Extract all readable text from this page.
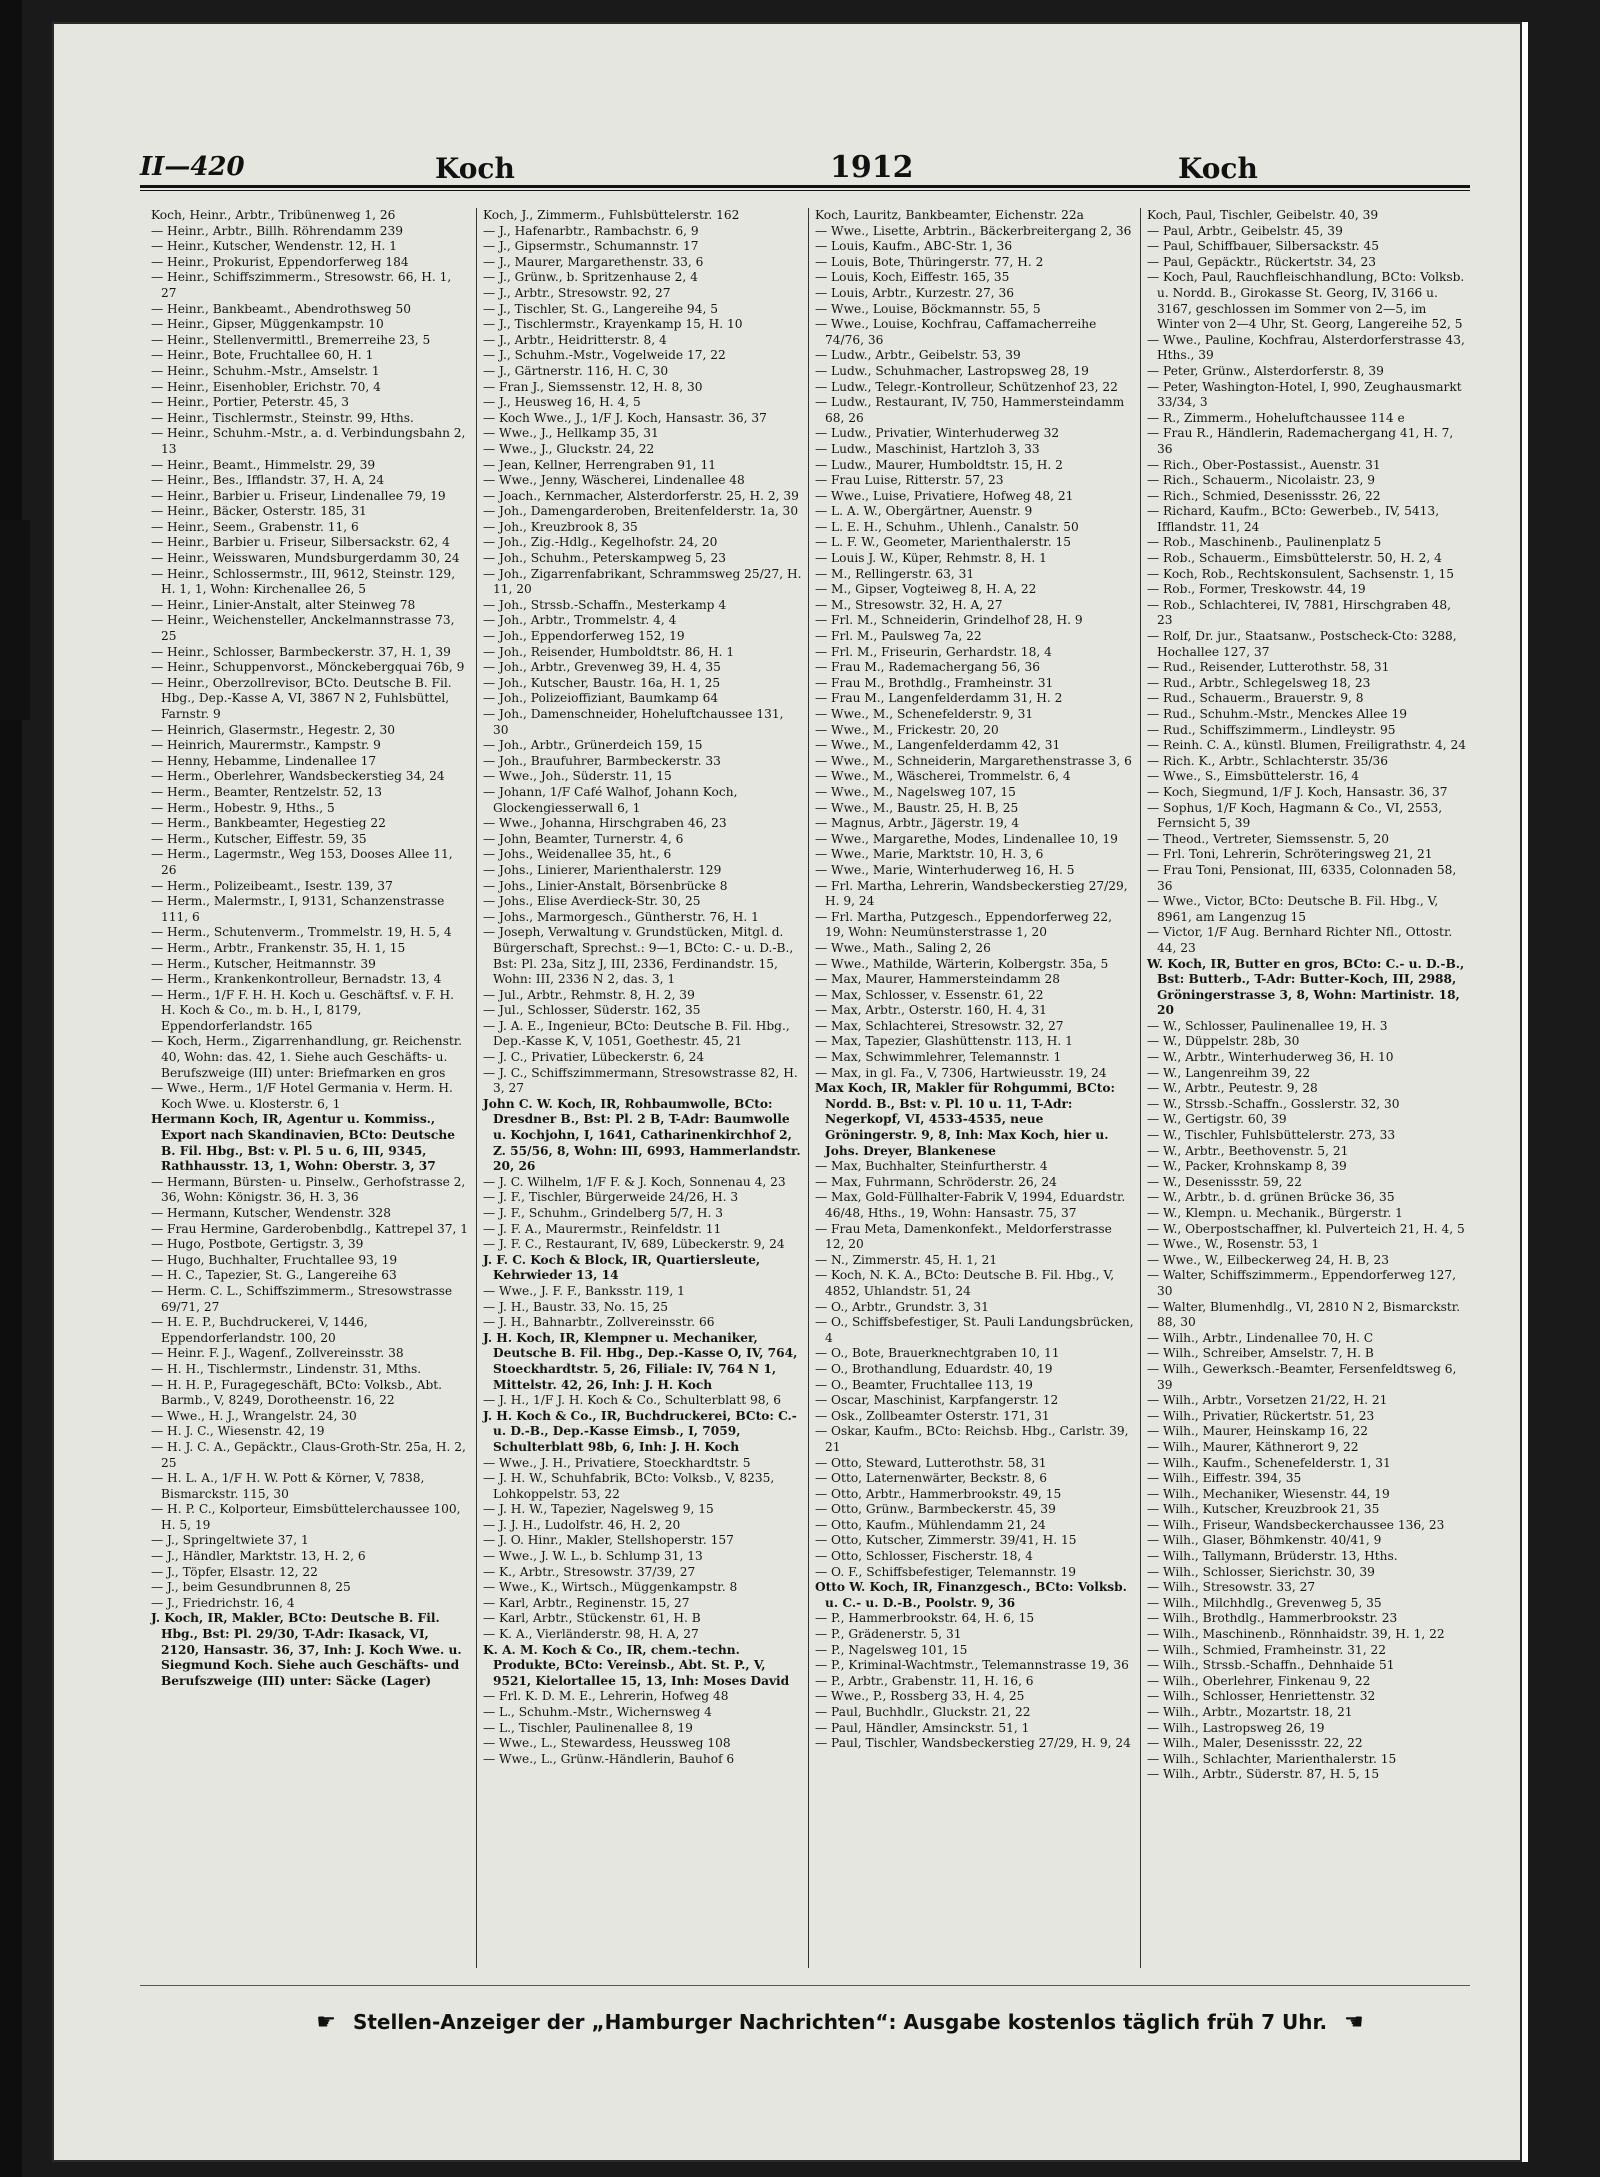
II—420	Koch	1912	Koch

Koch, Heinr., Arbtr., Tribünenweg 1, 26

— Heinr., Arbtr., Billh. Röhrendamm 239

— Heinr., Kutscher, Wendenstr. 12, H. 1

— Heinr., Prokurist, Eppendorferweg 184

— Heinr., Schiffszimmerm., Stresowstr. 66, H. 1, 27

— Heinr., Bankbeamt., Abendrothsweg 50

— Heinr., Gipser, Müggenkampstr. 10

— Heinr., Stellenvermittl., Bremerreihe 23, 5

— Heinr., Bote, Fruchtallee 60, H. 1

— Heinr., Schuhm.-Mstr., Amselstr. 1

— Heinr., Eisenhobler, Erichstr. 70, 4

— Heinr., Portier, Peterstr. 45, 3

— Heinr., Tischlermstr., Steinstr. 99, Hths.

— Heinr., Schuhm.-Mstr., a. d. Verbindungsbahn 2, 13

— Heinr., Beamt., Himmelstr. 29, 39

— Heinr., Bes., Ifflandstr. 37, H. A, 24

— Heinr., Barbier u. Friseur, Lindenallee 79, 19

— Heinr., Bäcker, Osterstr. 185, 31

— Heinr., Seem., Grabenstr. 11, 6

— Heinr., Barbier u. Friseur, Silbersackstr. 62, 4

— Heinr., Weisswaren, Mundsburgerdamm 30, 24

— Heinr., Schlossermstr., III, 9612, Steinstr. 129, H. 1, 1, Wohn: Kirchenallee 26, 5

— Heinr., Linier-Anstalt, alter Steinweg 78

— Heinr., Weichensteller, Anckelmannstrasse 73, 25

— Heinr., Schlosser, Barmbeckerstr. 37, H. 1, 39

— Heinr., Schuppenvorst., Mönckebergquai 76b, 9

— Heinr., Oberzollrevisor, BCto. Deutsche B. Fil. Hbg., Dep.-Kasse A, VI, 3867 N 2, Fuhlsbüttel, Farnstr. 9

— Heinrich, Glasermstr., Hegestr. 2, 30

— Heinrich, Maurermstr., Kampstr. 9

— Henny, Hebamme, Lindenallee 17

— Herm., Oberlehrer, Wandsbeckerstieg 34, 24

— Herm., Beamter, Rentzelstr. 52, 13

— Herm., Hobestr. 9, Hths., 5

— Herm., Bankbeamter, Hegestieg 22

— Herm., Kutscher, Eiffestr. 59, 35

— Herm., Lagermstr., Weg 153, Dooses Allee 11, 26

— Herm., Polizeibeamt., Isestr. 139, 37

— Herm., Malermstr., I, 9131, Schanzenstrasse 111, 6

— Herm., Schutenverm., Trommelstr. 19, H. 5, 4

— Herm., Arbtr., Frankenstr. 35, H. 1, 15

— Herm., Kutscher, Heitmannstr. 39

— Herm., Krankenkontrolleur, Bernadstr. 13, 4

— Herm., 1/F F. H. H. Koch u. Geschäftsf. v. F. H. H. Koch & Co., m. b. H., I, 8179, Eppendorferlandstr. 165

— Koch, Herm., Zigarrenhandlung, gr. Reichenstr. 40, Wohn: das. 42, 1. Siehe auch Geschäfts- u. Berufszweige (III) unter: Briefmarken en gros

— Wwe., Herm., 1/F Hotel Germania v. Herm. H. Koch Wwe. u. Klosterstr. 6, 1

Hermann Koch, IR, Agentur u. Kommiss., Export nach Skandinavien, BCto: Deutsche B. Fil. Hbg., Bst: v. Pl. 5 u. 6, III, 9345, Rathhausstr. 13, 1, Wohn: Oberstr. 3, 37

— Hermann, Bürsten- u. Pinselw., Gerhofstrasse 2, 36, Wohn: Königstr. 36, H. 3, 36

— Hermann, Kutscher, Wendenstr. 328

— Frau Hermine, Garderobenbdlg., Kattrepel 37, 1

— Hugo, Postbote, Gertigstr. 3, 39

— Hugo, Buchhalter, Fruchtallee 93, 19

— H. C., Tapezier, St. G., Langereihe 63

— Herm. C. L., Schiffszimmerm., Stresowstrasse 69/71, 27

— H. E. P., Buchdruckerei, V, 1446, Eppendorferlandstr. 100, 20

— Heinr. F. J., Wagenf., Zollvereinsstr. 38

— H. H., Tischlermstr., Lindenstr. 31, Mths.

— H. H. P., Furagegeschäft, BCto: Volksb., Abt. Barmb., V, 8249, Dorotheenstr. 16, 22

— Wwe., H. J., Wrangelstr. 24, 30

— H. J. C., Wiesenstr. 42, 19

— H. J. C. A., Gepäcktr., Claus-Groth-Str. 25a, H. 2, 25

— H. L. A., 1/F H. W. Pott & Körner, V, 7838, Bismarckstr. 115, 30

— H. P. C., Kolporteur, Eimsbüttelerchaussee 100, H. 5, 19

— J., Springeltwiete 37, 1

— J., Händler, Marktstr. 13, H. 2, 6

— J., Töpfer, Elsastr. 12, 22

— J., beim Gesundbrunnen 8, 25

— J., Friedrichstr. 16, 4

J. Koch, IR, Makler, BCto: Deutsche B. Fil. Hbg., Bst: Pl. 29/30, T-Adr: Ikasack, VI, 2120, Hansastr. 36, 37, Inh: J. Koch Wwe. u. Siegmund Koch. Siehe auch Geschäfts- und Berufszweige (III) unter: Säcke (Lager)

Koch, J., Zimmerm., Fuhlsbüttelerstr. 162

— J., Hafenarbtr., Rambachstr. 6, 9

— J., Gipsermstr., Schumannstr. 17

— J., Maurer, Margarethenstr. 33, 6

— J., Grünw., b. Spritzenhause 2, 4

— J., Arbtr., Stresowstr. 92, 27

— J., Tischler, St. G., Langereihe 94, 5

— J., Tischlermstr., Krayenkamp 15, H. 10

— J., Arbtr., Heidritterstr. 8, 4

— J., Schuhm.-Mstr., Vogelweide 17, 22

— J., Gärtnerstr. 116, H. C, 30

— Fran J., Siemssenstr. 12, H. 8, 30

— J., Heusweg 16, H. 4, 5

— Koch Wwe., J., 1/F J. Koch, Hansastr. 36, 37

— Wwe., J., Hellkamp 35, 31

— Wwe., J., Gluckstr. 24, 22

— Jean, Kellner, Herrengraben 91, 11

— Wwe., Jenny, Wäscherei, Lindenallee 48

— Joach., Kernmacher, Alsterdorferstr. 25, H. 2, 39

— Joh., Damengarderoben, Breitenfelderstr. 1a, 30

— Joh., Kreuzbrook 8, 35

— Joh., Zig.-Hdlg., Kegelhofstr. 24, 20

— Joh., Schuhm., Peterskampweg 5, 23

— Joh., Zigarrenfabrikant, Schrammsweg 25/27, H. 11, 20

— Joh., Strssb.-Schaffn., Mesterkamp 4

— Joh., Arbtr., Trommelstr. 4, 4

— Joh., Eppendorferweg 152, 19

— Joh., Reisender, Humboldtstr. 86, H. 1

— Joh., Arbtr., Grevenweg 39, H. 4, 35

— Joh., Kutscher, Baustr. 16a, H. 1, 25

— Joh., Polizeioffiziant, Baumkamp 64

— Joh., Damenschneider, Hoheluftchaussee 131, 30

— Joh., Arbtr., Grünerdeich 159, 15

— Joh., Braufuhrer, Barmbeckerstr. 33

— Wwe., Joh., Süderstr. 11, 15

— Johann, 1/F Café Walhof, Johann Koch, Glockengiesserwall 6, 1

— Wwe., Johanna, Hirschgraben 46, 23

— John, Beamter, Turnerstr. 4, 6

— Johs., Weidenallee 35, ht., 6

— Johs., Linierer, Marienthalerstr. 129

— Johs., Linier-Anstalt, Börsenbrücke 8

— Johs., Elise Averdieck-Str. 30, 25

— Johs., Marmorgesch., Güntherstr. 76, H. 1

— Joseph, Verwaltung v. Grundstücken, Mitgl. d. Bürgerschaft, Sprechst.: 9—1, BCto: C.- u. D.-B., Bst: Pl. 23a, Sitz J, III, 2336, Ferdinandstr. 15, Wohn: III, 2336 N 2, das. 3, 1

— Jul., Arbtr., Rehmstr. 8, H. 2, 39

— Jul., Schlosser, Süderstr. 162, 35

— J. A. E., Ingenieur, BCto: Deutsche B. Fil. Hbg., Dep.-Kasse K, V, 1051, Goethestr. 45, 21

— J. C., Privatier, Lübeckerstr. 6, 24

— J. C., Schiffszimmermann, Stresowstrasse 82, H. 3, 27

John C. W. Koch, IR, Rohbaumwolle, BCto: Dresdner B., Bst: Pl. 2 B, T-Adr: Baumwolle u. Kochjohn, I, 1641, Catharinenkirchhof 2, Z. 55/56, 8, Wohn: III, 6993, Hammerlandstr. 20, 26

— J. C. Wilhelm, 1/F F. & J. Koch, Sonnenau 4, 23

— J. F., Tischler, Bürgerweide 24/26, H. 3

— J. F., Schuhm., Grindelberg 5/7, H. 3

— J. F. A., Maurermstr., Reinfeldstr. 11

— J. F. C., Restaurant, IV, 689, Lübeckerstr. 9, 24

J. F. C. Koch & Block, IR, Quartiersleute, Kehrwieder 13, 14

— Wwe., J. F. F., Banksstr. 119, 1

— J. H., Baustr. 33, No. 15, 25

— J. H., Bahnarbtr., Zollvereinsstr. 66

J. H. Koch, IR, Klempner u. Mechaniker, Deutsche B. Fil. Hbg., Dep.-Kasse O, IV, 764, Stoeckhardtstr. 5, 26, Filiale: IV, 764 N 1, Mittelstr. 42, 26, Inh: J. H. Koch

— J. H., 1/F J. H. Koch & Co., Schulterblatt 98, 6

J. H. Koch & Co., IR, Buchdruckerei, BCto: C.-u. D.-B., Dep.-Kasse Eimsb., I, 7059, Schulterblatt 98b, 6, Inh: J. H. Koch

— Wwe., J. H., Privatiere, Stoeckhardtstr. 5

— J. H. W., Schuhfabrik, BCto: Volksb., V, 8235, Lohkoppelstr. 53, 22

— J. H. W., Tapezier, Nagelsweg 9, 15

— J. J. H., Ludolfstr. 46, H. 2, 20

— J. O. Hinr., Makler, Stellshoperstr. 157

— Wwe., J. W. L., b. Schlump 31, 13

— K., Arbtr., Stresowstr. 37/39, 27

— Wwe., K., Wirtsch., Müggenkampstr. 8

— Karl, Arbtr., Reginenstr. 15, 27

— Karl, Arbtr., Stückenstr. 61, H. B

— K. A., Vierländerstr. 98, H. A, 27

K. A. M. Koch & Co., IR, chem.-techn. Produkte, BCto: Vereinsb., Abt. St. P., V, 9521, Kielortallee 15, 13, Inh: Moses David

— Frl. K. D. M. E., Lehrerin, Hofweg 48

— L., Schuhm.-Mstr., Wichernsweg 4

— L., Tischler, Paulinenallee 8, 19

— Wwe., L., Stewardess, Heussweg 108

— Wwe., L., Grünw.-Händlerin, Bauhof 6

Koch, Lauritz, Bankbeamter, Eichenstr. 22a

— Wwe., Lisette, Arbtrin., Bäckerbreitergang 2, 36

— Louis, Kaufm., ABC-Str. 1, 36

— Louis, Bote, Thüringerstr. 77, H. 2

— Louis, Koch, Eiffestr. 165, 35

— Louis, Arbtr., Kurzestr. 27, 36

— Wwe., Louise, Böckmannstr. 55, 5

— Wwe., Louise, Kochfrau, Caffamacherreihe 74/76, 36

— Ludw., Arbtr., Geibelstr. 53, 39

— Ludw., Schuhmacher, Lastropsweg 28, 19

— Ludw., Telegr.-Kontrolleur, Schützenhof 23, 22

— Ludw., Restaurant, IV, 750, Hammersteindamm 68, 26

— Ludw., Privatier, Winterhuderweg 32

— Ludw., Maschinist, Hartzloh 3, 33

— Ludw., Maurer, Humboldtstr. 15, H. 2

— Frau Luise, Ritterstr. 57, 23

— Wwe., Luise, Privatiere, Hofweg 48, 21

— L. A. W., Obergärtner, Auenstr. 9

— L. E. H., Schuhm., Uhlenh., Canalstr. 50

— L. F. W., Geometer, Marienthalerstr. 15

— Louis J. W., Küper, Rehmstr. 8, H. 1

— M., Rellingerstr. 63, 31

— M., Gipser, Vogteiweg 8, H. A, 22

— M., Stresowstr. 32, H. A, 27

— Frl. M., Schneiderin, Grindelhof 28, H. 9

— Frl. M., Paulsweg 7a, 22

— Frl. M., Friseurin, Gerhardstr. 18, 4

— Frau M., Rademachergang 56, 36

— Frau M., Brothdlg., Framheinstr. 31

— Frau M., Langenfelderdamm 31, H. 2

— Wwe., M., Schenefelderstr. 9, 31

— Wwe., M., Frickestr. 20, 20

— Wwe., M., Langenfelderdamm 42, 31

— Wwe., M., Schneiderin, Margarethenstrasse 3, 6

— Wwe., M., Wäscherei, Trommelstr. 6, 4

— Wwe., M., Nagelsweg 107, 15

— Wwe., M., Baustr. 25, H. B, 25

— Magnus, Arbtr., Jägerstr. 19, 4

— Wwe., Margarethe, Modes, Lindenallee 10, 19

— Wwe., Marie, Marktstr. 10, H. 3, 6

— Wwe., Marie, Winterhuderweg 16, H. 5

— Frl. Martha, Lehrerin, Wandsbeckerstieg 27/29, H. 9, 24

— Frl. Martha, Putzgesch., Eppendorferweg 22, 19, Wohn: Neumünsterstrasse 1, 20

— Wwe., Math., Saling 2, 26

— Wwe., Mathilde, Wärterin, Kolbergstr. 35a, 5

— Max, Maurer, Hammersteindamm 28

— Max, Schlosser, v. Essenstr. 61, 22

— Max, Arbtr., Osterstr. 160, H. 4, 31

— Max, Schlachterei, Stresowstr. 32, 27

— Max, Tapezier, Glashüttenstr. 113, H. 1

— Max, Schwimmlehrer, Telemannstr. 1

— Max, in gl. Fa., V, 7306, Hartwieusstr. 19, 24

Max Koch, IR, Makler für Rohgummi, BCto: Nordd. B., Bst: v. Pl. 10 u. 11, T-Adr: Negerkopf, VI, 4533-4535, neue Gröningerstr. 9, 8, Inh: Max Koch, hier u. Johs. Dreyer, Blankenese

— Max, Buchhalter, Steinfurtherstr. 4

— Max, Fuhrmann, Schröderstr. 26, 24

— Max, Gold-Füllhalter-Fabrik V, 1994, Eduardstr. 46/48, Hths., 19, Wohn: Hansastr. 75, 37

— Frau Meta, Damenkonfekt., Meldorferstrasse 12, 20

— N., Zimmerstr. 45, H. 1, 21

— Koch, N. K. A., BCto: Deutsche B. Fil. Hbg., V, 4852, Uhlandstr. 51, 24

— O., Arbtr., Grundstr. 3, 31

— O., Schiffsbefestiger, St. Pauli Landungsbrücken, 4

— O., Bote, Brauerknechtgraben 10, 11

— O., Brothandlung, Eduardstr. 40, 19

— O., Beamter, Fruchtallee 113, 19

— Oscar, Maschinist, Karpfangerstr. 12

— Osk., Zollbeamter Osterstr. 171, 31

— Oskar, Kaufm., BCto: Reichsb. Hbg., Carlstr. 39, 21

— Otto, Steward, Lutterothstr. 58, 31

— Otto, Laternenwärter, Beckstr. 8, 6

— Otto, Arbtr., Hammerbrookstr. 49, 15

— Otto, Grünw., Barmbeckerstr. 45, 39

— Otto, Kaufm., Mühlendamm 21, 24

— Otto, Kutscher, Zimmerstr. 39/41, H. 15

— Otto, Schlosser, Fischerstr. 18, 4

— O. F., Schiffsbefestiger, Telemannstr. 19

Otto W. Koch, IR, Finanzgesch., BCto: Volksb. u. C.- u. D.-B., Poolstr. 9, 36

— P., Hammerbrookstr. 64, H. 6, 15

— P., Grädenerstr. 5, 31

— P., Nagelsweg 101, 15

— P., Kriminal-Wachtmstr., Telemannstrasse 19, 36

— P., Arbtr., Grabenstr. 11, H. 16, 6

— Wwe., P., Rossberg 33, H. 4, 25

— Paul, Buchhdlr., Gluckstr. 21, 22

— Paul, Händler, Amsinckstr. 51, 1

— Paul, Tischler, Wandsbeckerstieg 27/29, H. 9, 24

Koch, Paul, Tischler, Geibelstr. 40, 39

— Paul, Arbtr., Geibelstr. 45, 39

— Paul, Schiffbauer, Silbersackstr. 45

— Paul, Gepäcktr., Rückertstr. 34, 23

— Koch, Paul, Rauchfleischhandlung, BCto: Volksb. u. Nordd. B., Girokasse St. Georg, IV, 3166 u. 3167, geschlossen im Sommer von 2—5, im Winter von 2—4 Uhr, St. Georg, Langereihe 52, 5

— Wwe., Pauline, Kochfrau, Alsterdorferstrasse 43, Hths., 39

— Peter, Grünw., Alsterdorferstr. 8, 39

— Peter, Washington-Hotel, I, 990, Zeughausmarkt 33/34, 3

— R., Zimmerm., Hoheluftchaussee 114 e

— Frau R., Händlerin, Rademachergang 41, H. 7, 36

— Rich., Ober-Postassist., Auenstr. 31

— Rich., Schauerm., Nicolaistr. 23, 9

— Rich., Schmied, Desenissstr. 26, 22

— Richard, Kaufm., BCto: Gewerbeb., IV, 5413, Ifflandstr. 11, 24

— Rob., Maschinenb., Paulinenplatz 5

— Rob., Schauerm., Eimsbüttelerstr. 50, H. 2, 4

— Koch, Rob., Rechtskonsulent, Sachsenstr. 1, 15

— Rob., Former, Treskowstr. 44, 19

— Rob., Schlachterei, IV, 7881, Hirschgraben 48, 23

— Rolf, Dr. jur., Staatsanw., Postscheck-Cto: 3288, Hochallee 127, 37

— Rud., Reisender, Lutterothstr. 58, 31

— Rud., Arbtr., Schlegelsweg 18, 23

— Rud., Schauerm., Brauerstr. 9, 8

— Rud., Schuhm.-Mstr., Menckes Allee 19

— Rud., Schiffszimmerm., Lindleystr. 95

— Reinh. C. A., künstl. Blumen, Freiligrathstr. 4, 24

— Rich. K., Arbtr., Schlachterstr. 35/36

— Wwe., S., Eimsbüttelerstr. 16, 4

— Koch, Siegmund, 1/F J. Koch, Hansastr. 36, 37

— Sophus, 1/F Koch, Hagmann & Co., VI, 2553, Fernsicht 5, 39

— Theod., Vertreter, Siemssenstr. 5, 20

— Frl. Toni, Lehrerin, Schröteringsweg 21, 21

— Frau Toni, Pensionat, III, 6335, Colonnaden 58, 36

— Wwe., Victor, BCto: Deutsche B. Fil. Hbg., V, 8961, am Langenzug 15

— Victor, 1/F Aug. Bernhard Richter Nfl., Ottostr. 44, 23

W. Koch, IR, Butter en gros, BCto: C.- u. D.-B., Bst: Butterb., T-Adr: Butter-Koch, III, 2988, Gröningerstrasse 3, 8, Wohn: Martinistr. 18, 20

— W., Schlosser, Paulinenallee 19, H. 3

— W., Düppelstr. 28b, 30

— W., Arbtr., Winterhuderweg 36, H. 10

— W., Langenreihm 39, 22

— W., Arbtr., Peutestr. 9, 28

— W., Strssb.-Schaffn., Gosslerstr. 32, 30

— W., Gertigstr. 60, 39

— W., Tischler, Fuhlsbüttelerstr. 273, 33

— W., Arbtr., Beethovenstr. 5, 21

— W., Packer, Krohnskamp 8, 39

— W., Desenissstr. 59, 22

— W., Arbtr., b. d. grünen Brücke 36, 35

— W., Klempn. u. Mechanik., Bürgerstr. 1

— W., Oberpostschaffner, kl. Pulverteich 21, H. 4, 5

— Wwe., W., Rosenstr. 53, 1

— Wwe., W., Eilbeckerweg 24, H. B, 23

— Walter, Schiffszimmerm., Eppendorferweg 127, 30

— Walter, Blumenhdlg., VI, 2810 N 2, Bismarckstr. 88, 30

— Wilh., Arbtr., Lindenallee 70, H. C

— Wilh., Schreiber, Amselstr. 7, H. B

— Wilh., Gewerksch.-Beamter, Fersenfeldtsweg 6, 39

— Wilh., Arbtr., Vorsetzen 21/22, H. 21

— Wilh., Privatier, Rückertstr. 51, 23

— Wilh., Maurer, Heinskamp 16, 22

— Wilh., Maurer, Käthnerort 9, 22

— Wilh., Kaufm., Schenefelderstr. 1, 31

— Wilh., Eiffestr. 394, 35

— Wilh., Mechaniker, Wiesenstr. 44, 19

— Wilh., Kutscher, Kreuzbrook 21, 35

— Wilh., Friseur, Wandsbeckerchaussee 136, 23

— Wilh., Glaser, Böhmkenstr. 40/41, 9

— Wilh., Tallymann, Brüderstr. 13, Hths.

— Wilh., Schlosser, Sierichstr. 30, 39

— Wilh., Stresowstr. 33, 27

— Wilh., Milchhdlg., Grevenweg 5, 35

— Wilh., Brothdlg., Hammerbrookstr. 23

— Wilh., Maschinenb., Rönnhaidstr. 39, H. 1, 22

— Wilh., Schmied, Framheinstr. 31, 22

— Wilh., Strssb.-Schaffn., Dehnhaide 51

— Wilh., Oberlehrer, Finkenau 9, 22

— Wilh., Schlosser, Henriettenstr. 32

— Wilh., Arbtr., Mozartstr. 18, 21

— Wilh., Lastropsweg 26, 19

— Wilh., Maler, Desenissstr. 22, 22

— Wilh., Schlachter, Marienthalerstr. 15

— Wilh., Arbtr., Süderstr. 87, H. 5, 15

☛ Stellen-Anzeiger der „Hamburger Nachrichten“: Ausgabe kostenlos täglich früh 7 Uhr. ☚
